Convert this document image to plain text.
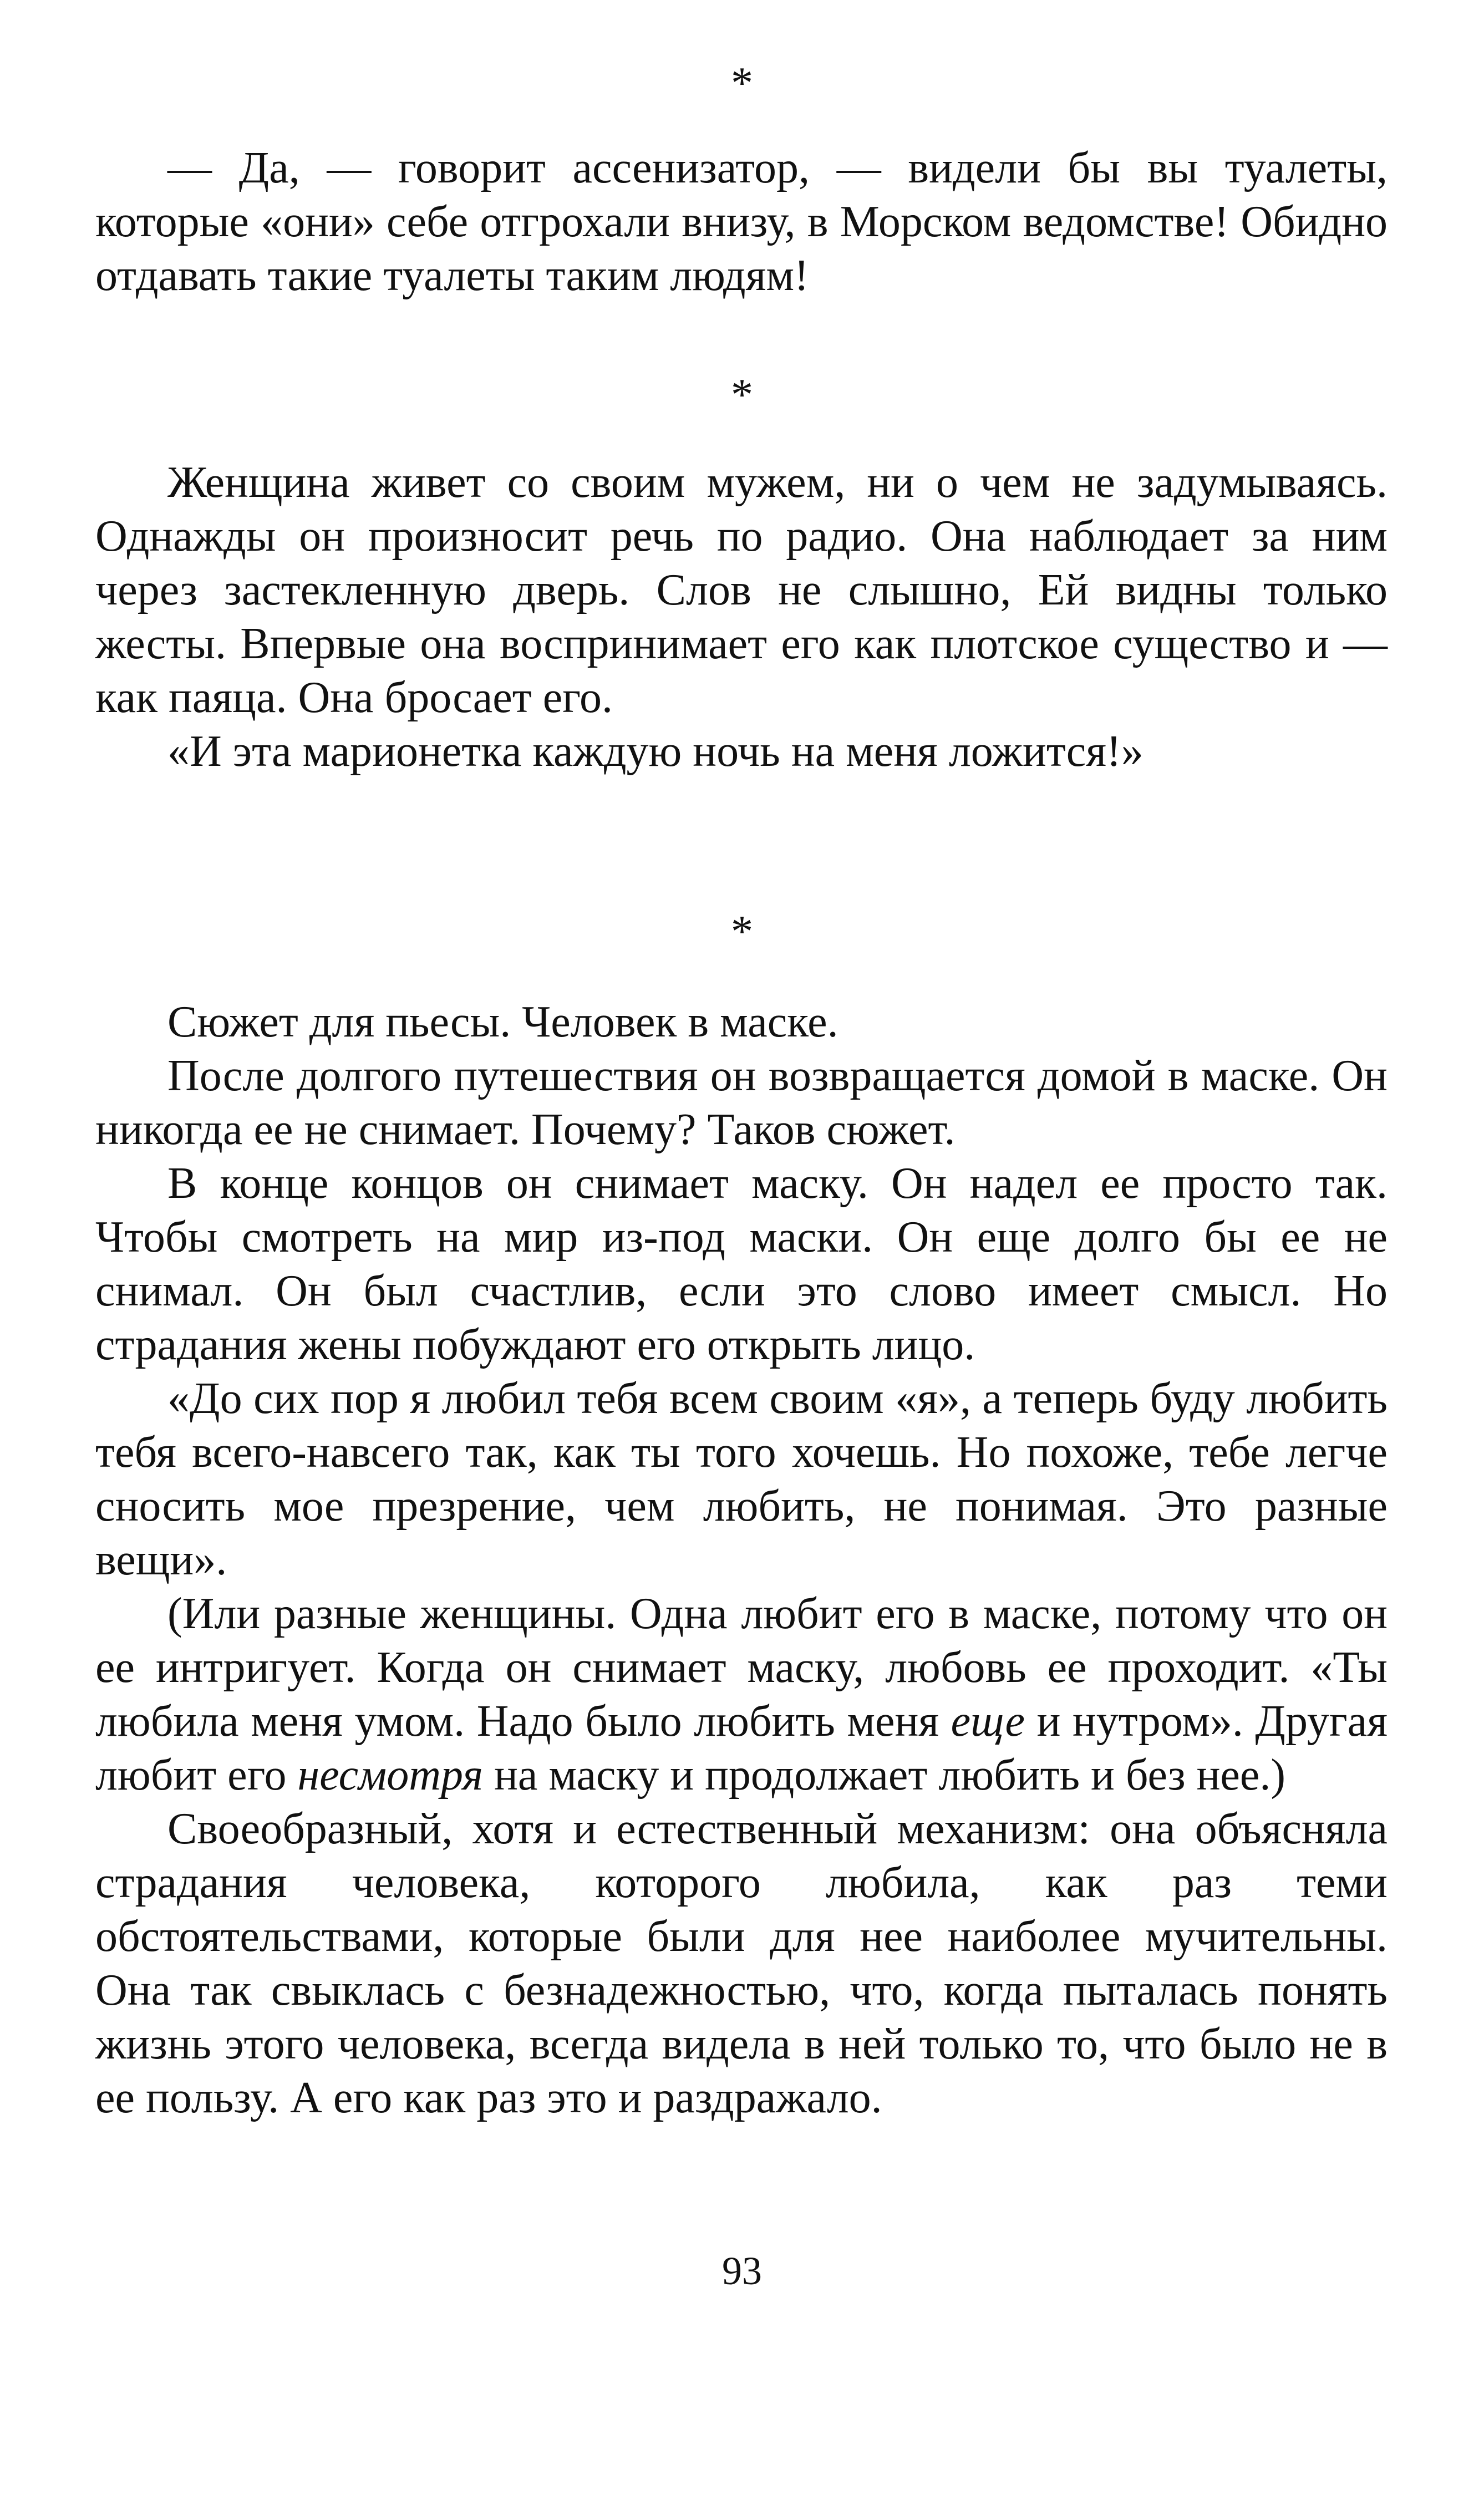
*

— Да, — говорит ассенизатор, — видели бы вы туалеты, которые «они» себе отгрохали внизу, в Морском ведомстве! Обидно отдавать такие туалеты таким людям!

*

Женщина живет со своим мужем, ни о чем не задумываясь. Однажды он произносит речь по радио. Она наблюдает за ним через застекленную дверь. Слов не слышно, Ей видны только жесты. Впервые она воспринимает его как плотское существо и — как паяца. Она бросает его.

«И эта марионетка каждую ночь на меня ложится!»

*

Сюжет для пьесы. Человек в маске.

После долгого путешествия он возвращается домой в маске. Он никогда ее не снимает. Почему? Таков сюжет.

В конце концов он снимает маску. Он надел ее просто так. Чтобы смотреть на мир из-под маски. Он еще долго бы ее не снимал. Он был счастлив, если это слово имеет смысл. Но страдания жены побуждают его открыть лицо.

«До сих пор я любил тебя всем своим «я», а теперь буду любить тебя всего-навсего так, как ты того хочешь. Но похоже, тебе легче сносить мое презрение, чем любить, не понимая. Это разные вещи».

(Или разные женщины. Одна любит его в маске, потому что он ее интригует. Когда он снимает маску, любовь ее проходит. «Ты любила меня умом. Надо было любить меня еще и нутром». Другая любит его несмотря на маску и продолжает любить и без нее.)

Своеобразный, хотя и естественный механизм: она объясняла страдания человека, которого любила, как раз теми обстоятельствами, которые были для нее наиболее мучительны. Она так свыклась с безнадежностью, что, когда пыталась понять жизнь этого человека, всегда видела в ней только то, что было не в ее пользу. А его как раз это и раздражало.

93
